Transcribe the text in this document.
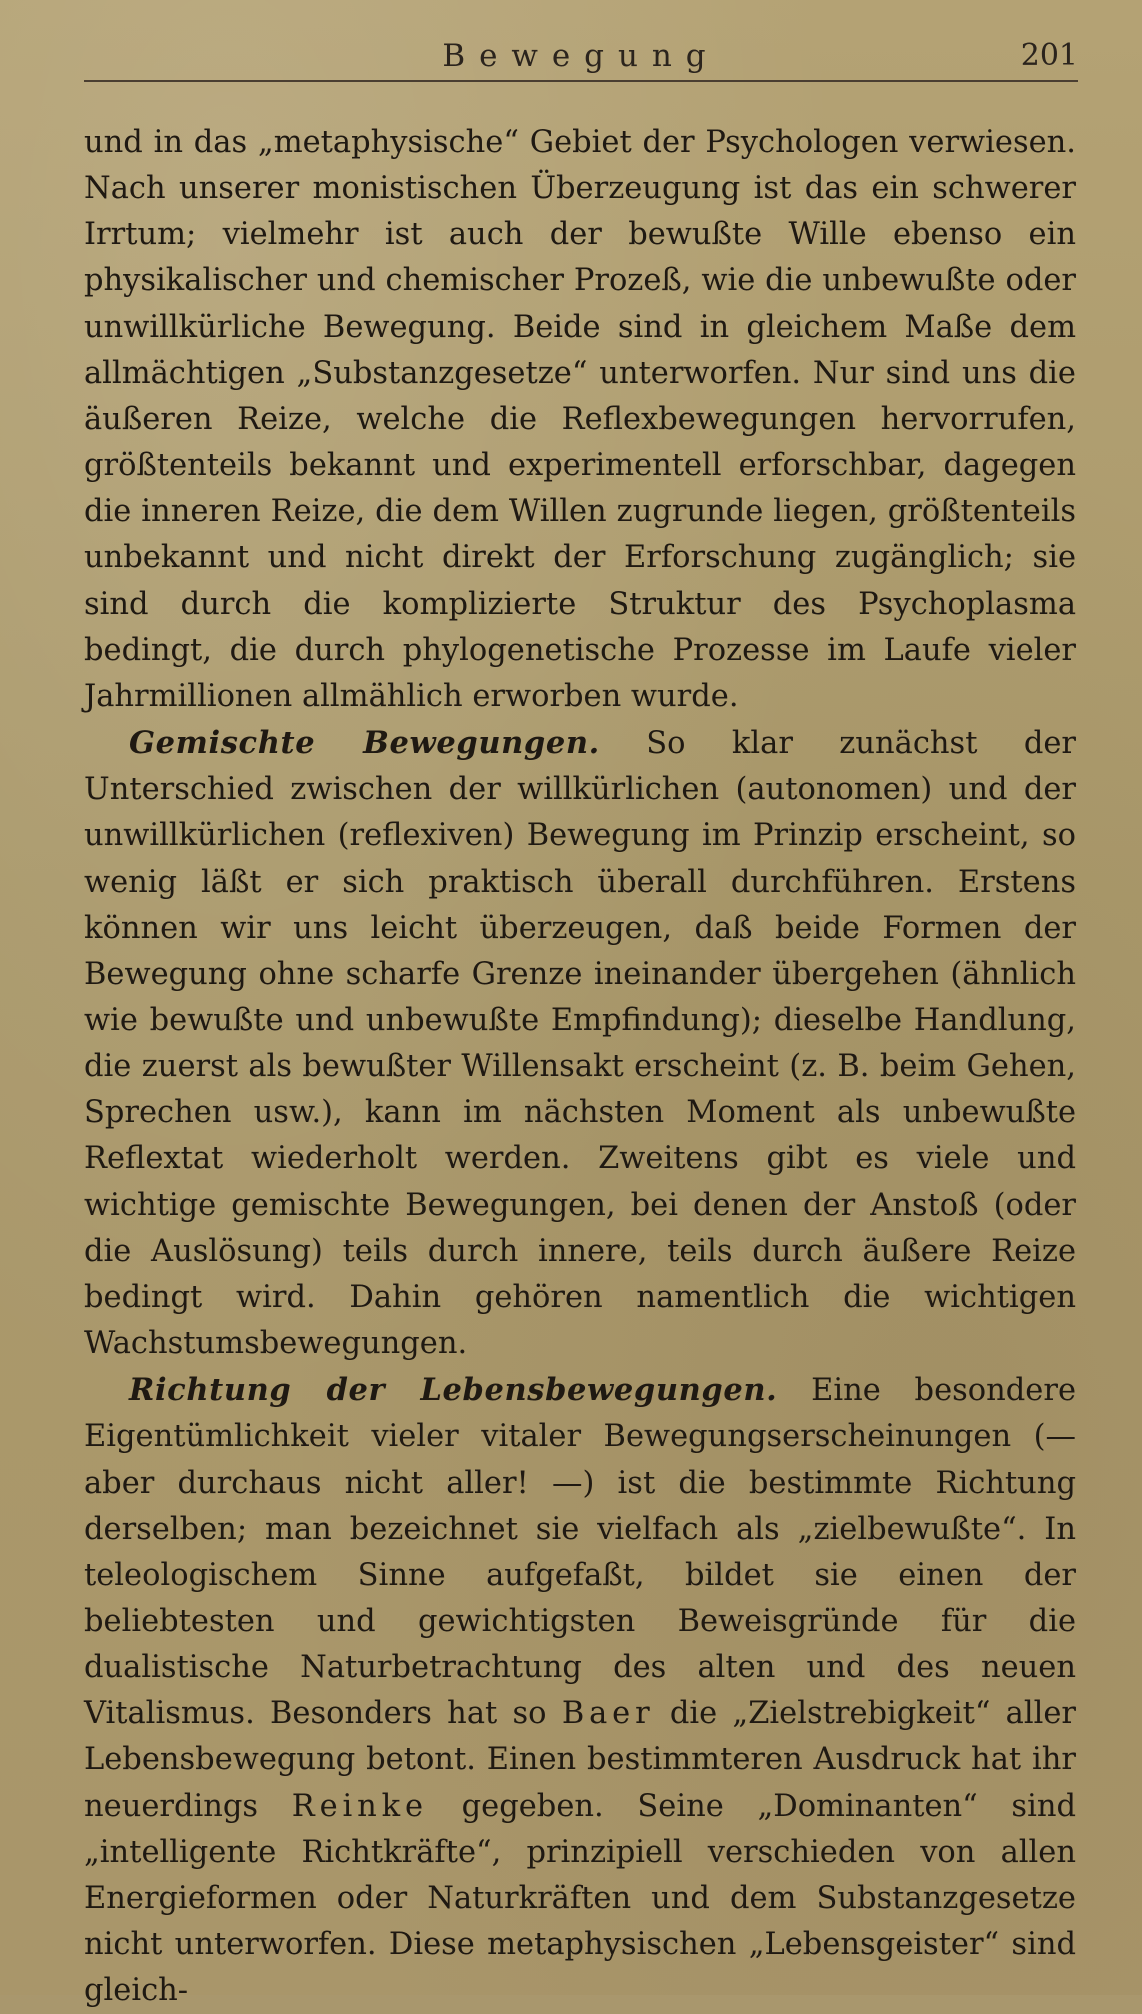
Bewegung	201

und in das „metaphysische“ Gebiet der Psychologen verwiesen. Nach unserer monistischen Überzeugung ist das ein schwerer Irrtum; vielmehr ist auch der bewußte Wille ebenso ein physikalischer und chemischer Prozeß, wie die unbewußte oder unwillkürliche Bewegung. Beide sind in gleichem Maße dem allmächtigen „Substanzgesetze“ unterworfen. Nur sind uns die äußeren Reize, welche die Reflexbewegungen hervorrufen, größtenteils bekannt und experimentell erforschbar, dagegen die inneren Reize, die dem Willen zugrunde liegen, größtenteils unbekannt und nicht direkt der Erforschung zugänglich; sie sind durch die komplizierte Struktur des Psychoplasma bedingt, die durch phylogenetische Prozesse im Laufe vieler Jahrmillionen allmählich erworben wurde.

Gemischte Bewegungen. So klar zunächst der Unterschied zwischen der willkürlichen (autonomen) und der unwillkürlichen (reflexiven) Bewegung im Prinzip erscheint, so wenig läßt er sich praktisch überall durchführen. Erstens können wir uns leicht überzeugen, daß beide Formen der Bewegung ohne scharfe Grenze ineinander übergehen (ähnlich wie bewußte und unbewußte Empfindung); dieselbe Handlung, die zuerst als bewußter Willensakt erscheint (z. B. beim Gehen, Sprechen usw.), kann im nächsten Moment als unbewußte Reflextat wiederholt werden. Zweitens gibt es viele und wichtige gemischte Bewegungen, bei denen der Anstoß (oder die Auslösung) teils durch innere, teils durch äußere Reize bedingt wird. Dahin gehören namentlich die wichtigen Wachstumsbewegungen.

Richtung der Lebensbewegungen. Eine besondere Eigentümlichkeit vieler vitaler Bewegungserscheinungen (— aber durchaus nicht aller! —) ist die bestimmte Richtung derselben; man bezeichnet sie vielfach als „zielbewußte“. In teleologischem Sinne aufgefaßt, bildet sie einen der beliebtesten und gewichtigsten Beweisgründe für die dualistische Naturbetrachtung des alten und des neuen Vitalismus. Besonders hat so Baer die „Zielstrebigkeit“ aller Lebensbewegung betont. Einen bestimmteren Ausdruck hat ihr neuerdings Reinke gegeben. Seine „Dominanten“ sind „intelligente Richtkräfte“, prinzipiell verschieden von allen Energieformen oder Naturkräften und dem Substanzgesetze nicht unterworfen. Diese metaphysischen „Lebensgeister“ sind gleich-
